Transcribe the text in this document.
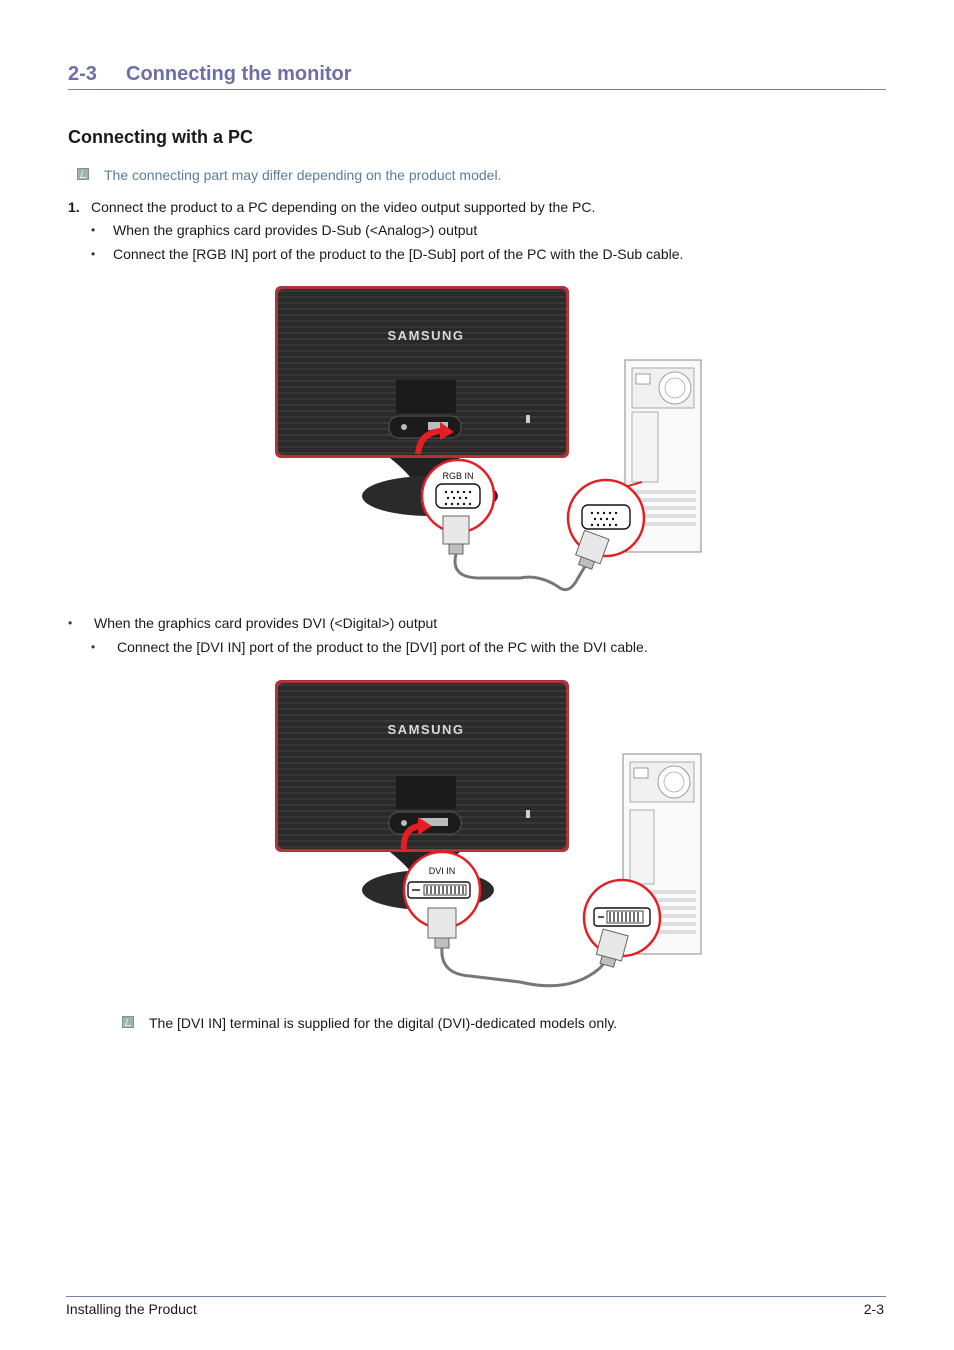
2-3 Connecting the monitor
Connecting with a PC
The connecting part may differ depending on the product model.
1. Connect the product to a PC depending on the video output supported by the PC.
• When the graphics card provides D-Sub (<Analog>) output
• Connect the [RGB IN] port of the product to the [D-Sub] port of the PC with the D-Sub cable.
SAMSUNG
RGB IN
• When the graphics card provides DVI (<Digital>) output
• Connect the [DVI IN] port of the product to the [DVI] port of the PC with the DVI cable.
SAMSUNG
DVI IN
The [DVI IN] terminal is supplied for the digital (DVI)-dedicated models only.
Installing the Product	2-3
